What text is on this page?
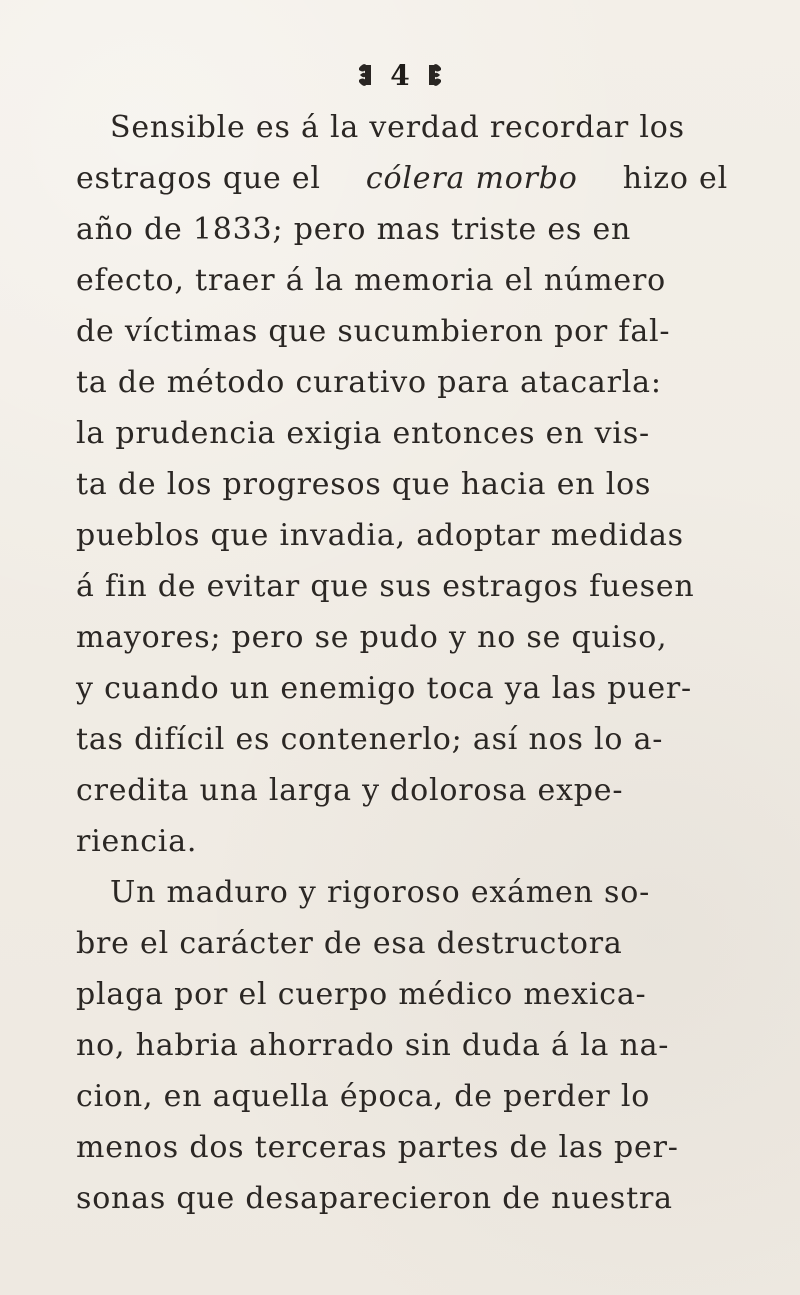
4
Sensible es á la verdad recordar los
estragos que el cólera morbo hizo el
año de 1833; pero mas triste es en
efecto, traer á la memoria el número
de víctimas que sucumbieron por fal-
ta de método curativo para atacarla:
la prudencia exigia entonces en vis-
ta de los progresos que hacia en los
pueblos que invadia, adoptar medidas
á fin de evitar que sus estragos fuesen
mayores; pero se pudo y no se quiso,
y cuando un enemigo toca ya las puer-
tas difícil es contenerlo; así nos lo a-
credita una larga y dolorosa expe-
riencia.
Un maduro y rigoroso exámen so-
bre el carácter de esa destructora
plaga por el cuerpo médico mexica-
no, habria ahorrado sin duda á la na-
cion, en aquella época, de perder lo
menos dos terceras partes de las per-
sonas que desaparecieron de nuestra
